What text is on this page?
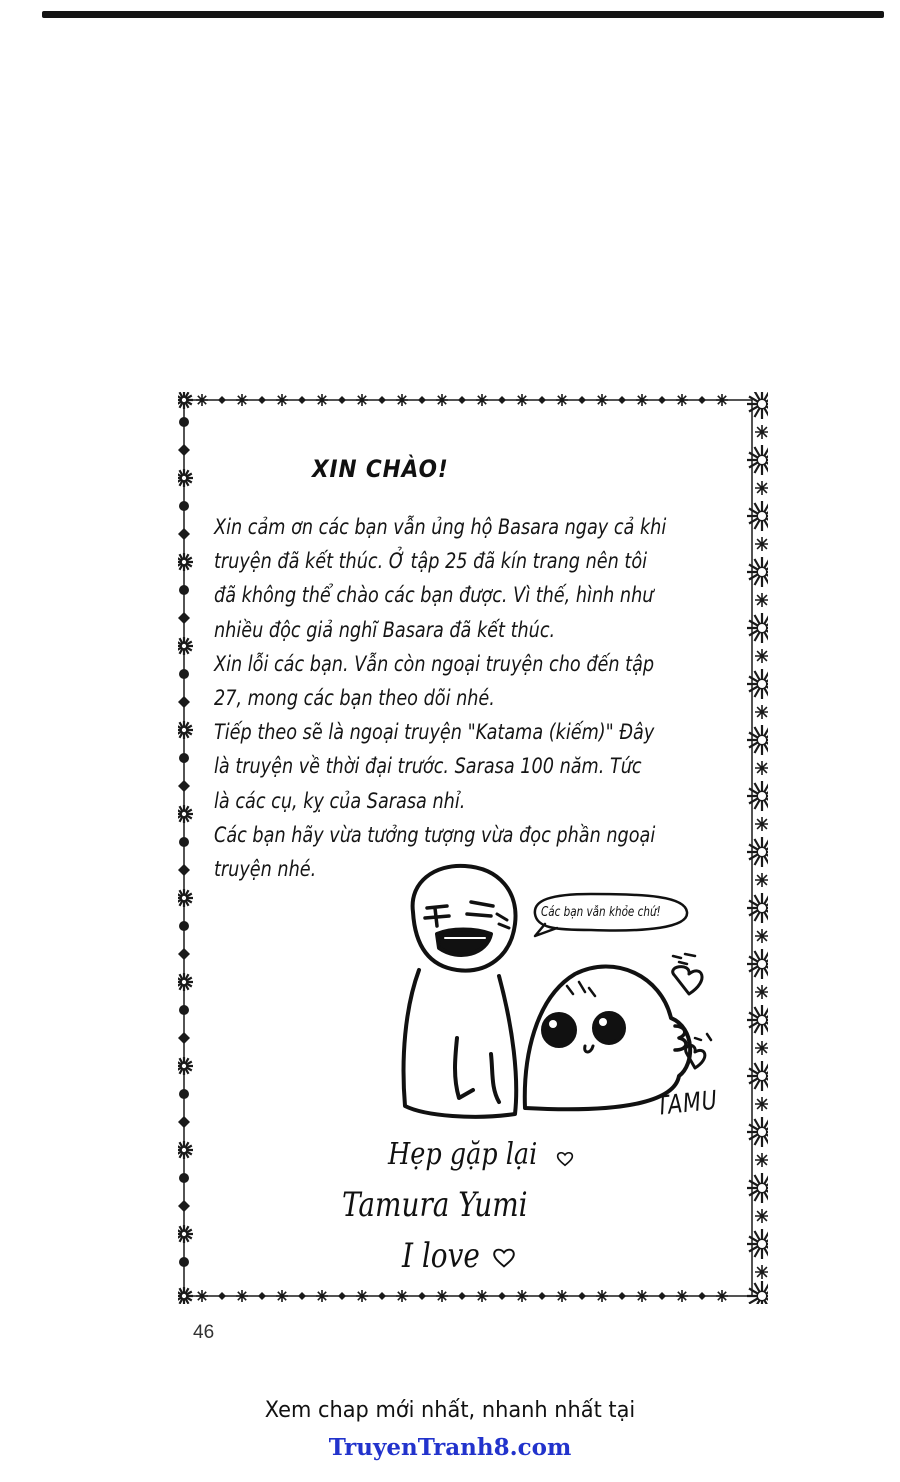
XIN CHÀO!

Xin cảm ơn các bạn vẫn ủng hộ Basara ngay cả khi

truyện đã kết thúc. Ở tập 25 đã kín trang nên tôi

đã không thể chào các bạn được. Vì thế, hình như

nhiều độc giả nghĩ Basara đã kết thúc.

Xin lỗi các bạn. Vẫn còn ngoại truyện cho đến tập

27, mong các bạn theo dõi nhé.

Tiếp theo sẽ là ngoại truyện "Katama (kiếm)" Đây

là truyện về thời đại trước. Sarasa 100 năm. Tức

là các cụ, kỵ của Sarasa nhỉ.

Các bạn hãy vừa tưởng tượng vừa đọc phần ngoại

truyện nhé.

Các bạn vẫn khỏe chứ!
TAMU

Hẹp gặp lại

Tamura Yumi

I love

46

Xem chap mới nhất, nhanh nhất tại

TruyenTranh8.com
